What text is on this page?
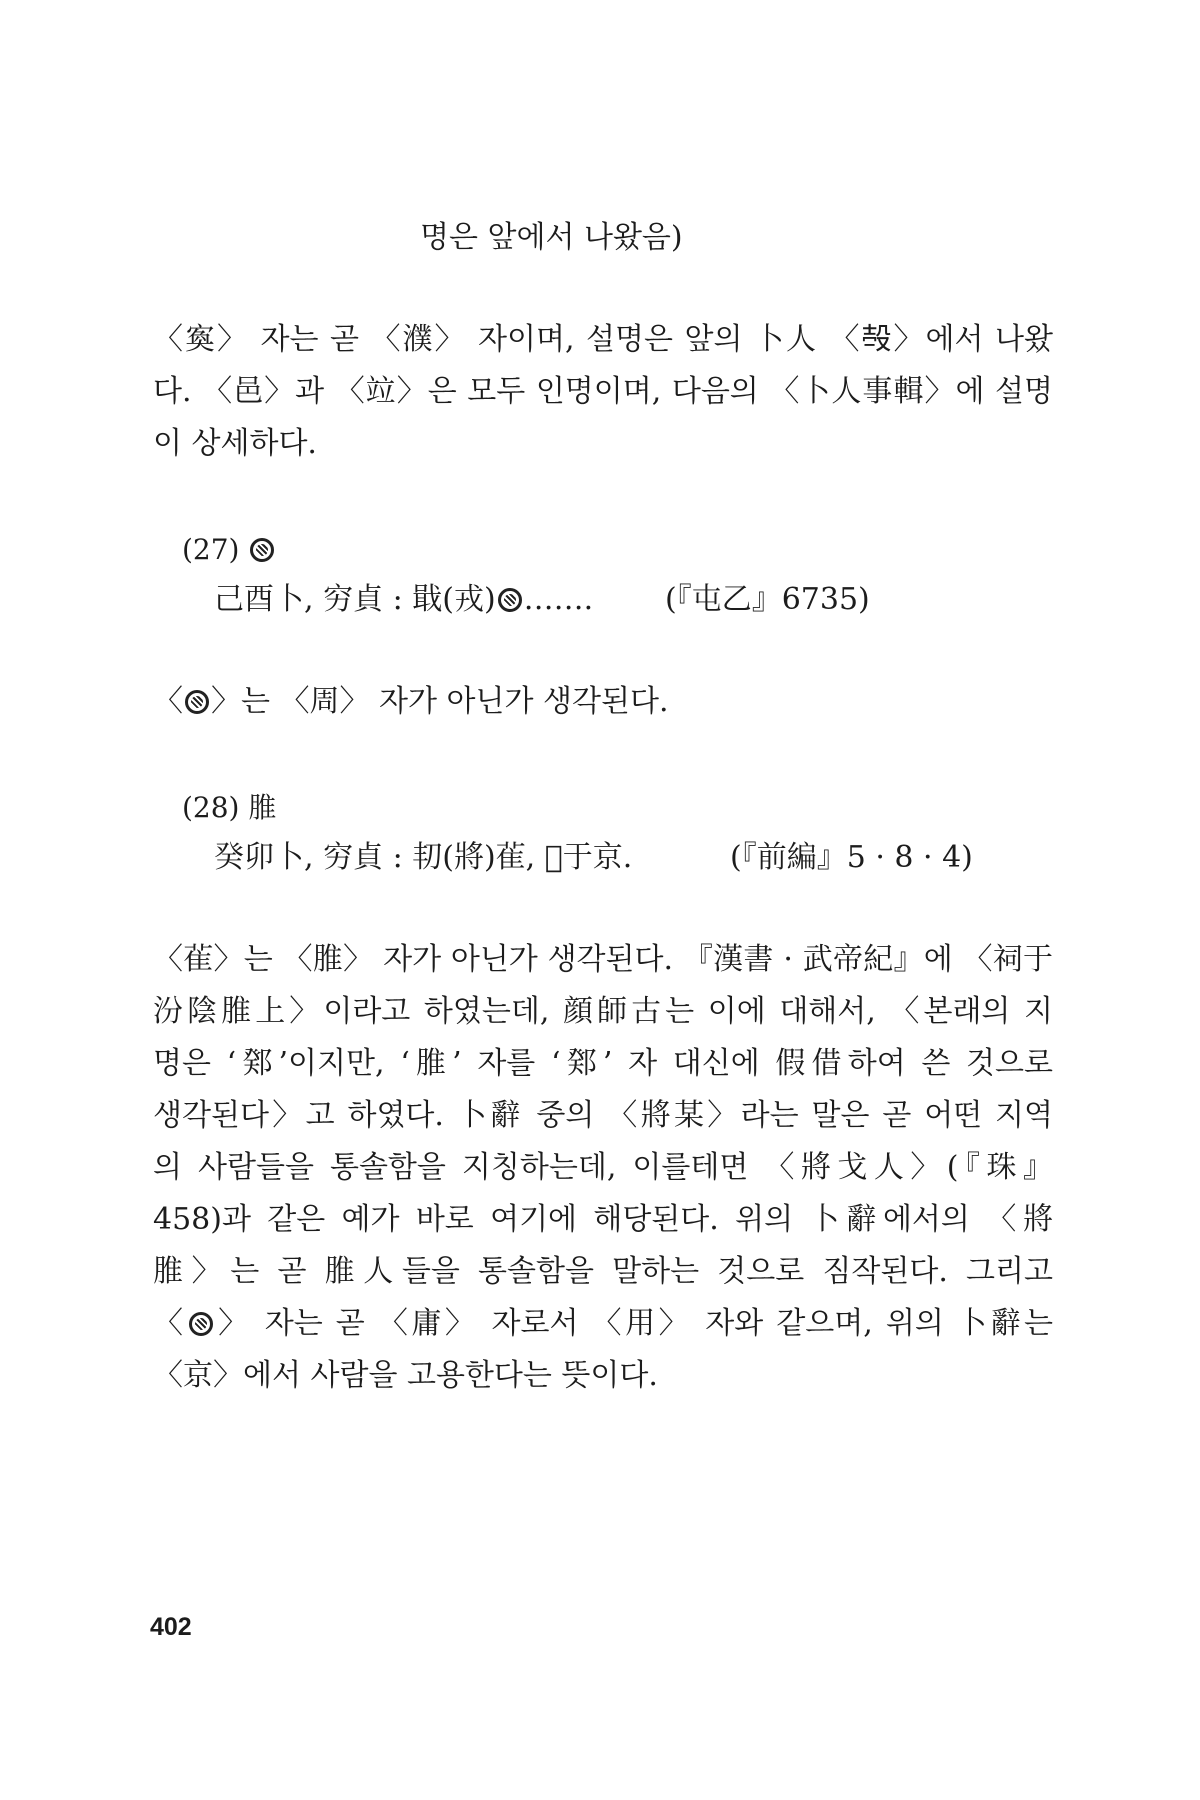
명은 앞에서 나왔음)
〈寏〉 자는 곧 〈濮〉 자이며, 설명은 앞의 卜人 〈𣪊〉에서 나왔
다. 〈邑〉과 〈竝〉은 모두 인명이며, 다음의 〈卜人事輯〉에 설명
이 상세하다.
(27)
己酉卜, 穷貞 : 戢(戎) ……. (『屯乙』6735)
〈 〉는 〈周〉 자가 아닌가 생각된다.
(28) 脽
癸卯卜, 穷貞 : 㓞(將)雈, 𦎫于京.	(『前編』5 · 8 · 4)
〈雈〉는 〈脽〉 자가 아닌가 생각된다. 『漢書 · 武帝紀』에 〈祠于
汾陰脽上〉이라고 하였는데, 顔師古는 이에 대해서, 〈본래의 지
명은 ‘鄈’이지만, ‘脽’ 자를 ‘鄈’ 자 대신에 假借하여 쓴 것으로
생각된다〉고 하였다. 卜辭 중의 〈將某〉라는 말은 곧 어떤 지역
의 사람들을 통솔함을 지칭하는데, 이를테면 〈將戈人〉(『珠』
458)과 같은 예가 바로 여기에 해당된다. 위의 卜辭에서의 〈將
脽〉는 곧 脽人들을 통솔함을 말하는 것으로 짐작된다. 그리고
〈 〉 자는 곧 〈庸〉 자로서 〈用〉 자와 같으며, 위의 卜辭는
〈京〉에서 사람을 고용한다는 뜻이다.
402
